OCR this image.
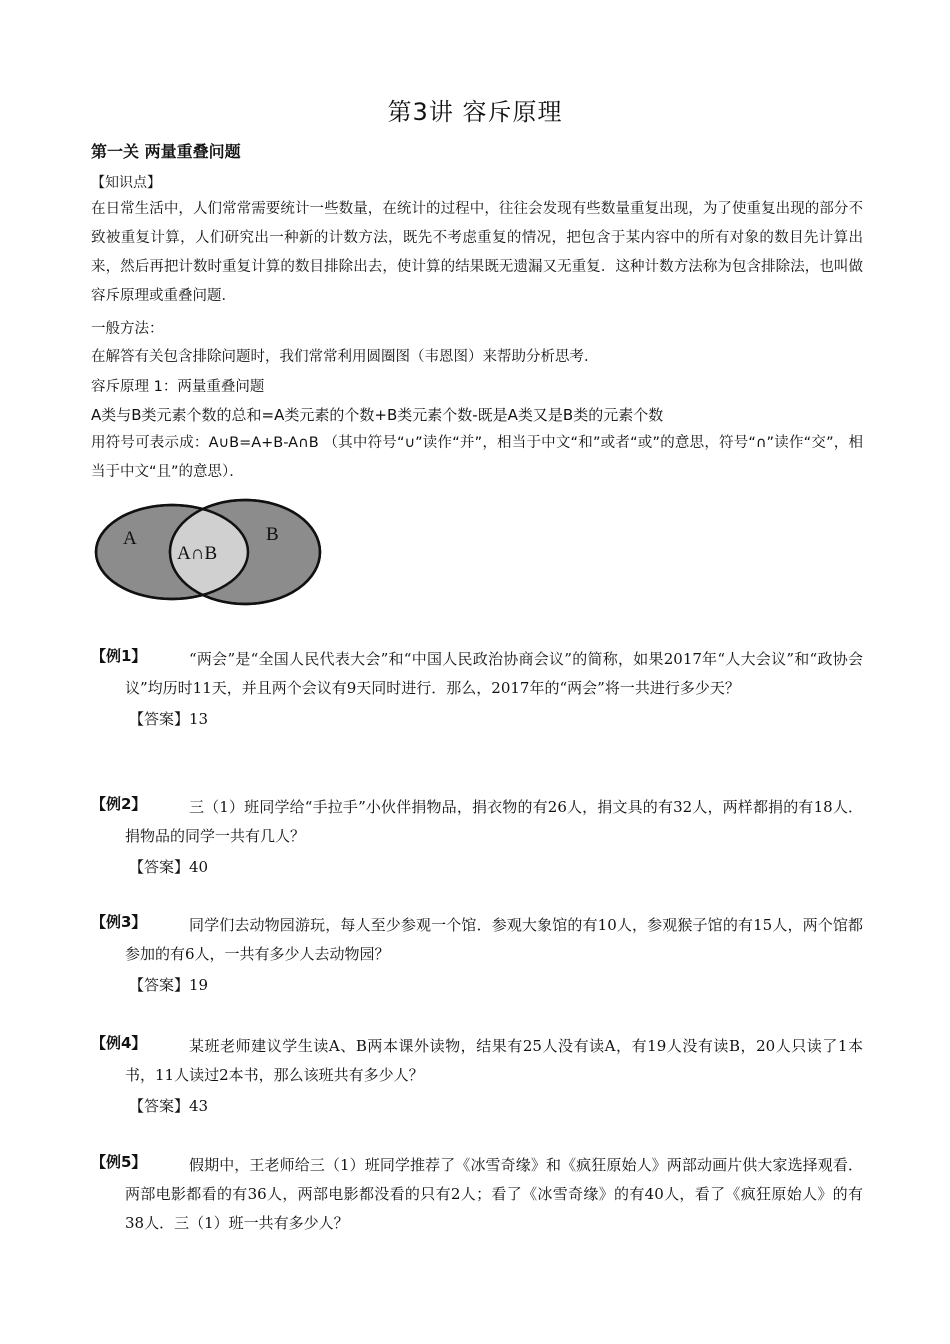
第3讲 容斥原理
第一关 两量重叠问题
【知识点】
在日常生活中，人们常常需要统计一些数量，在统计的过程中，往往会发现有些数量重复出现，为了使重复出现的部分不致被重复计算，人们研究出一种新的计数方法，既先不考虑重复的情况，把包含于某内容中的所有对象的数目先计算出来，然后再把计数时重复计算的数目排除出去，使计算的结果既无遗漏又无重复．这种计数方法称为包含排除法，也叫做容斥原理或重叠问题．
一般方法：
在解答有关包含排除问题时，我们常常利用圆圈图（韦恩图）来帮助分析思考．
容斥原理 1：两量重叠问题
A类与B类元素个数的总和=A类元素的个数+B类元素个数-既是A类又是B类的元素个数
用符号可表示成：A∪B=A+B-A∩B （其中符号“∪”读作“并”，相当于中文“和”或者“或”的意思，符号“∩”读作“交”，相当于中文“且”的意思）．
A	B
A∩B
【例1】	“两会”是“全国人民代表大会”和“中国人民政治协商会议”的简称，如果2017年“人大会议”和“政协会议”均历时11天，并且两个会议有9天同时进行．那么，2017年的“两会”将一共进行多少天？
【答案】13
【例2】	三（1）班同学给“手拉手”小伙伴捐物品，捐衣物的有26人，捐文具的有32人，两样都捐的有18人．捐物品的同学一共有几人？
【答案】40
【例3】	同学们去动物园游玩，每人至少参观一个馆．参观大象馆的有10人，参观猴子馆的有15人，两个馆都参加的有6人，一共有多少人去动物园？
【答案】19
【例4】	某班老师建议学生读A、B两本课外读物，结果有25人没有读A，有19人没有读B，20人只读了1本书，11人读过2本书，那么该班共有多少人？
【答案】43
【例5】	假期中，王老师给三（1）班同学推荐了《冰雪奇缘》和《疯狂原始人》两部动画片供大家选择观看．两部电影都看的有36人，两部电影都没看的只有2人；看了《冰雪奇缘》的有40人，看了《疯狂原始人》的有38人．三（1）班一共有多少人？
